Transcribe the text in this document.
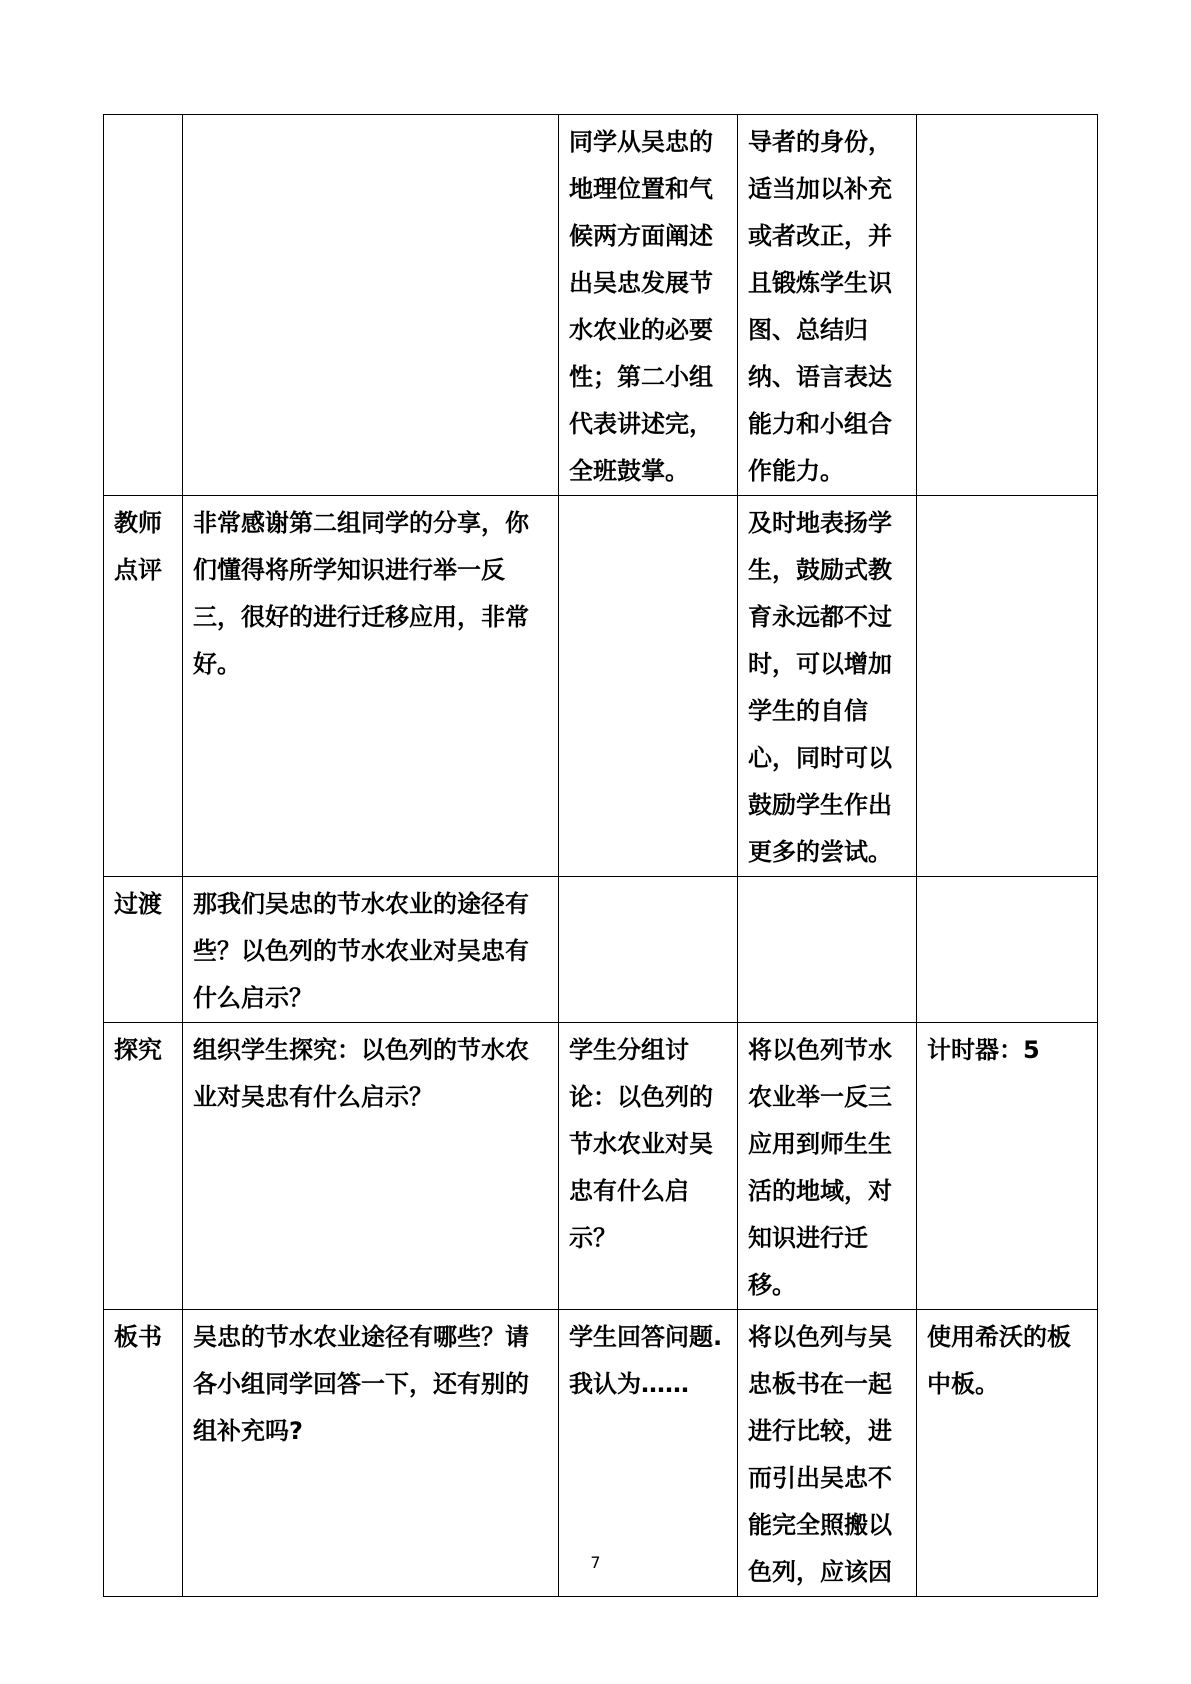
		同学从吴忠的地理位置和气候两方面阐述出吴忠发展节水农业的必要性；第二小组代表讲述完，全班鼓掌。	导者的身份，适当加以补充或者改正，并且锻炼学生识图、总结归纳、语言表达能力和小组合作能力。	
教师点评	非常感谢第二组同学的分享，你们懂得将所学知识进行举一反三，很好的进行迁移应用，非常好。		及时地表扬学生，鼓励式教育永远都不过时，可以增加学生的自信心，同时可以鼓励学生作出更多的尝试。	
过渡	那我们吴忠的节水农业的途径有些？以色列的节水农业对吴忠有什么启示？			
探究	组织学生探究：以色列的节水农业对吴忠有什么启示？	学生分组讨论：以色列的节水农业对吴忠有什么启示？	将以色列节水农业举一反三应用到师生生活的地域，对知识进行迁移。	计时器：5
板书	吴忠的节水农业途径有哪些？请各小组同学回答一下，还有别的组补充吗?	学生回答问题.我认为……	将以色列与吴忠板书在一起进行比较，进而引出吴忠不能完全照搬以色列，应该因	使用希沃的板中板。
7
